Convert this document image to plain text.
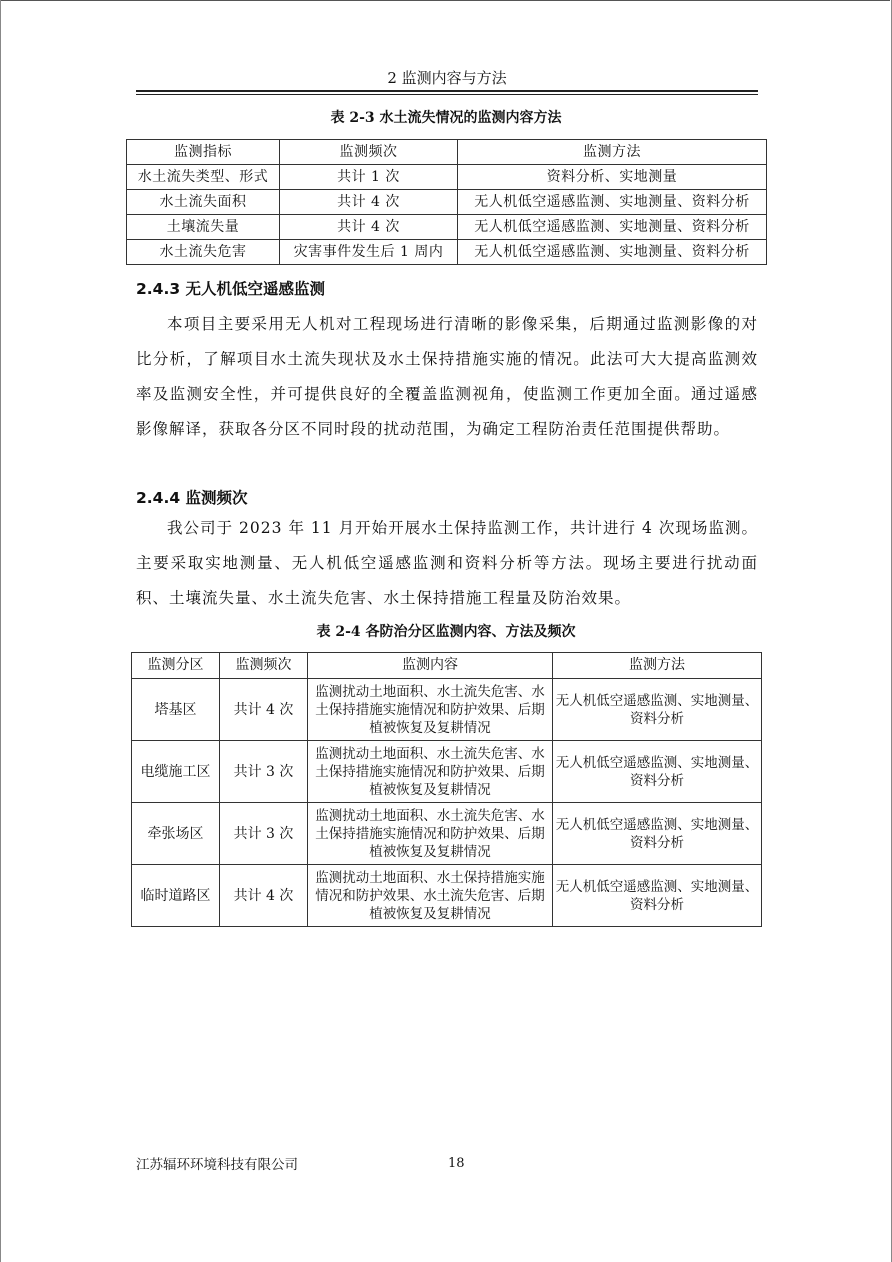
2 监测内容与方法
表 2-3 水土流失情况的监测内容方法
监测指标	监测频次	监测方法
水土流失类型、形式	共计 1 次	资料分析、实地测量
水土流失面积	共计 4 次	无人机低空遥感监测、实地测量、资料分析
土壤流失量	共计 4 次	无人机低空遥感监测、实地测量、资料分析
水土流失危害	灾害事件发生后 1 周内	无人机低空遥感监测、实地测量、资料分析
2.4.3 无人机低空遥感监测

本项目主要采用无人机对工程现场进行清晰的影像采集，后期通过监测影像的对比分析，了解项目水土流失现状及水土保持措施实施的情况。此法可大大提高监测效率及监测安全性，并可提供良好的全覆盖监测视角，使监测工作更加全面。通过遥感影像解译，获取各分区不同时段的扰动范围，为确定工程防治责任范围提供帮助。

2.4.4 监测频次

我公司于 2023 年 11 月开始开展水土保持监测工作，共计进行 4 次现场监测。主要采取实地测量、无人机低空遥感监测和资料分析等方法。现场主要进行扰动面积、土壤流失量、水土流失危害、水土保持措施工程量及防治效果。

表 2-4 各防治分区监测内容、方法及频次
监测分区	监测频次	监测内容	监测方法
塔基区	共计 4 次	监测扰动土地面积、水土流失危害、水土保持措施实施情况和防护效果、后期植被恢复及复耕情况	无人机低空遥感监测、实地测量、资料分析
电缆施工区	共计 3 次	监测扰动土地面积、水土流失危害、水土保持措施实施情况和防护效果、后期植被恢复及复耕情况	无人机低空遥感监测、实地测量、资料分析
牵张场区	共计 3 次	监测扰动土地面积、水土流失危害、水土保持措施实施情况和防护效果、后期植被恢复及复耕情况	无人机低空遥感监测、实地测量、资料分析
临时道路区	共计 4 次	监测扰动土地面积、水土保持措施实施情况和防护效果、水土流失危害、后期植被恢复及复耕情况	无人机低空遥感监测、实地测量、资料分析
江苏辐环环境科技有限公司	18
